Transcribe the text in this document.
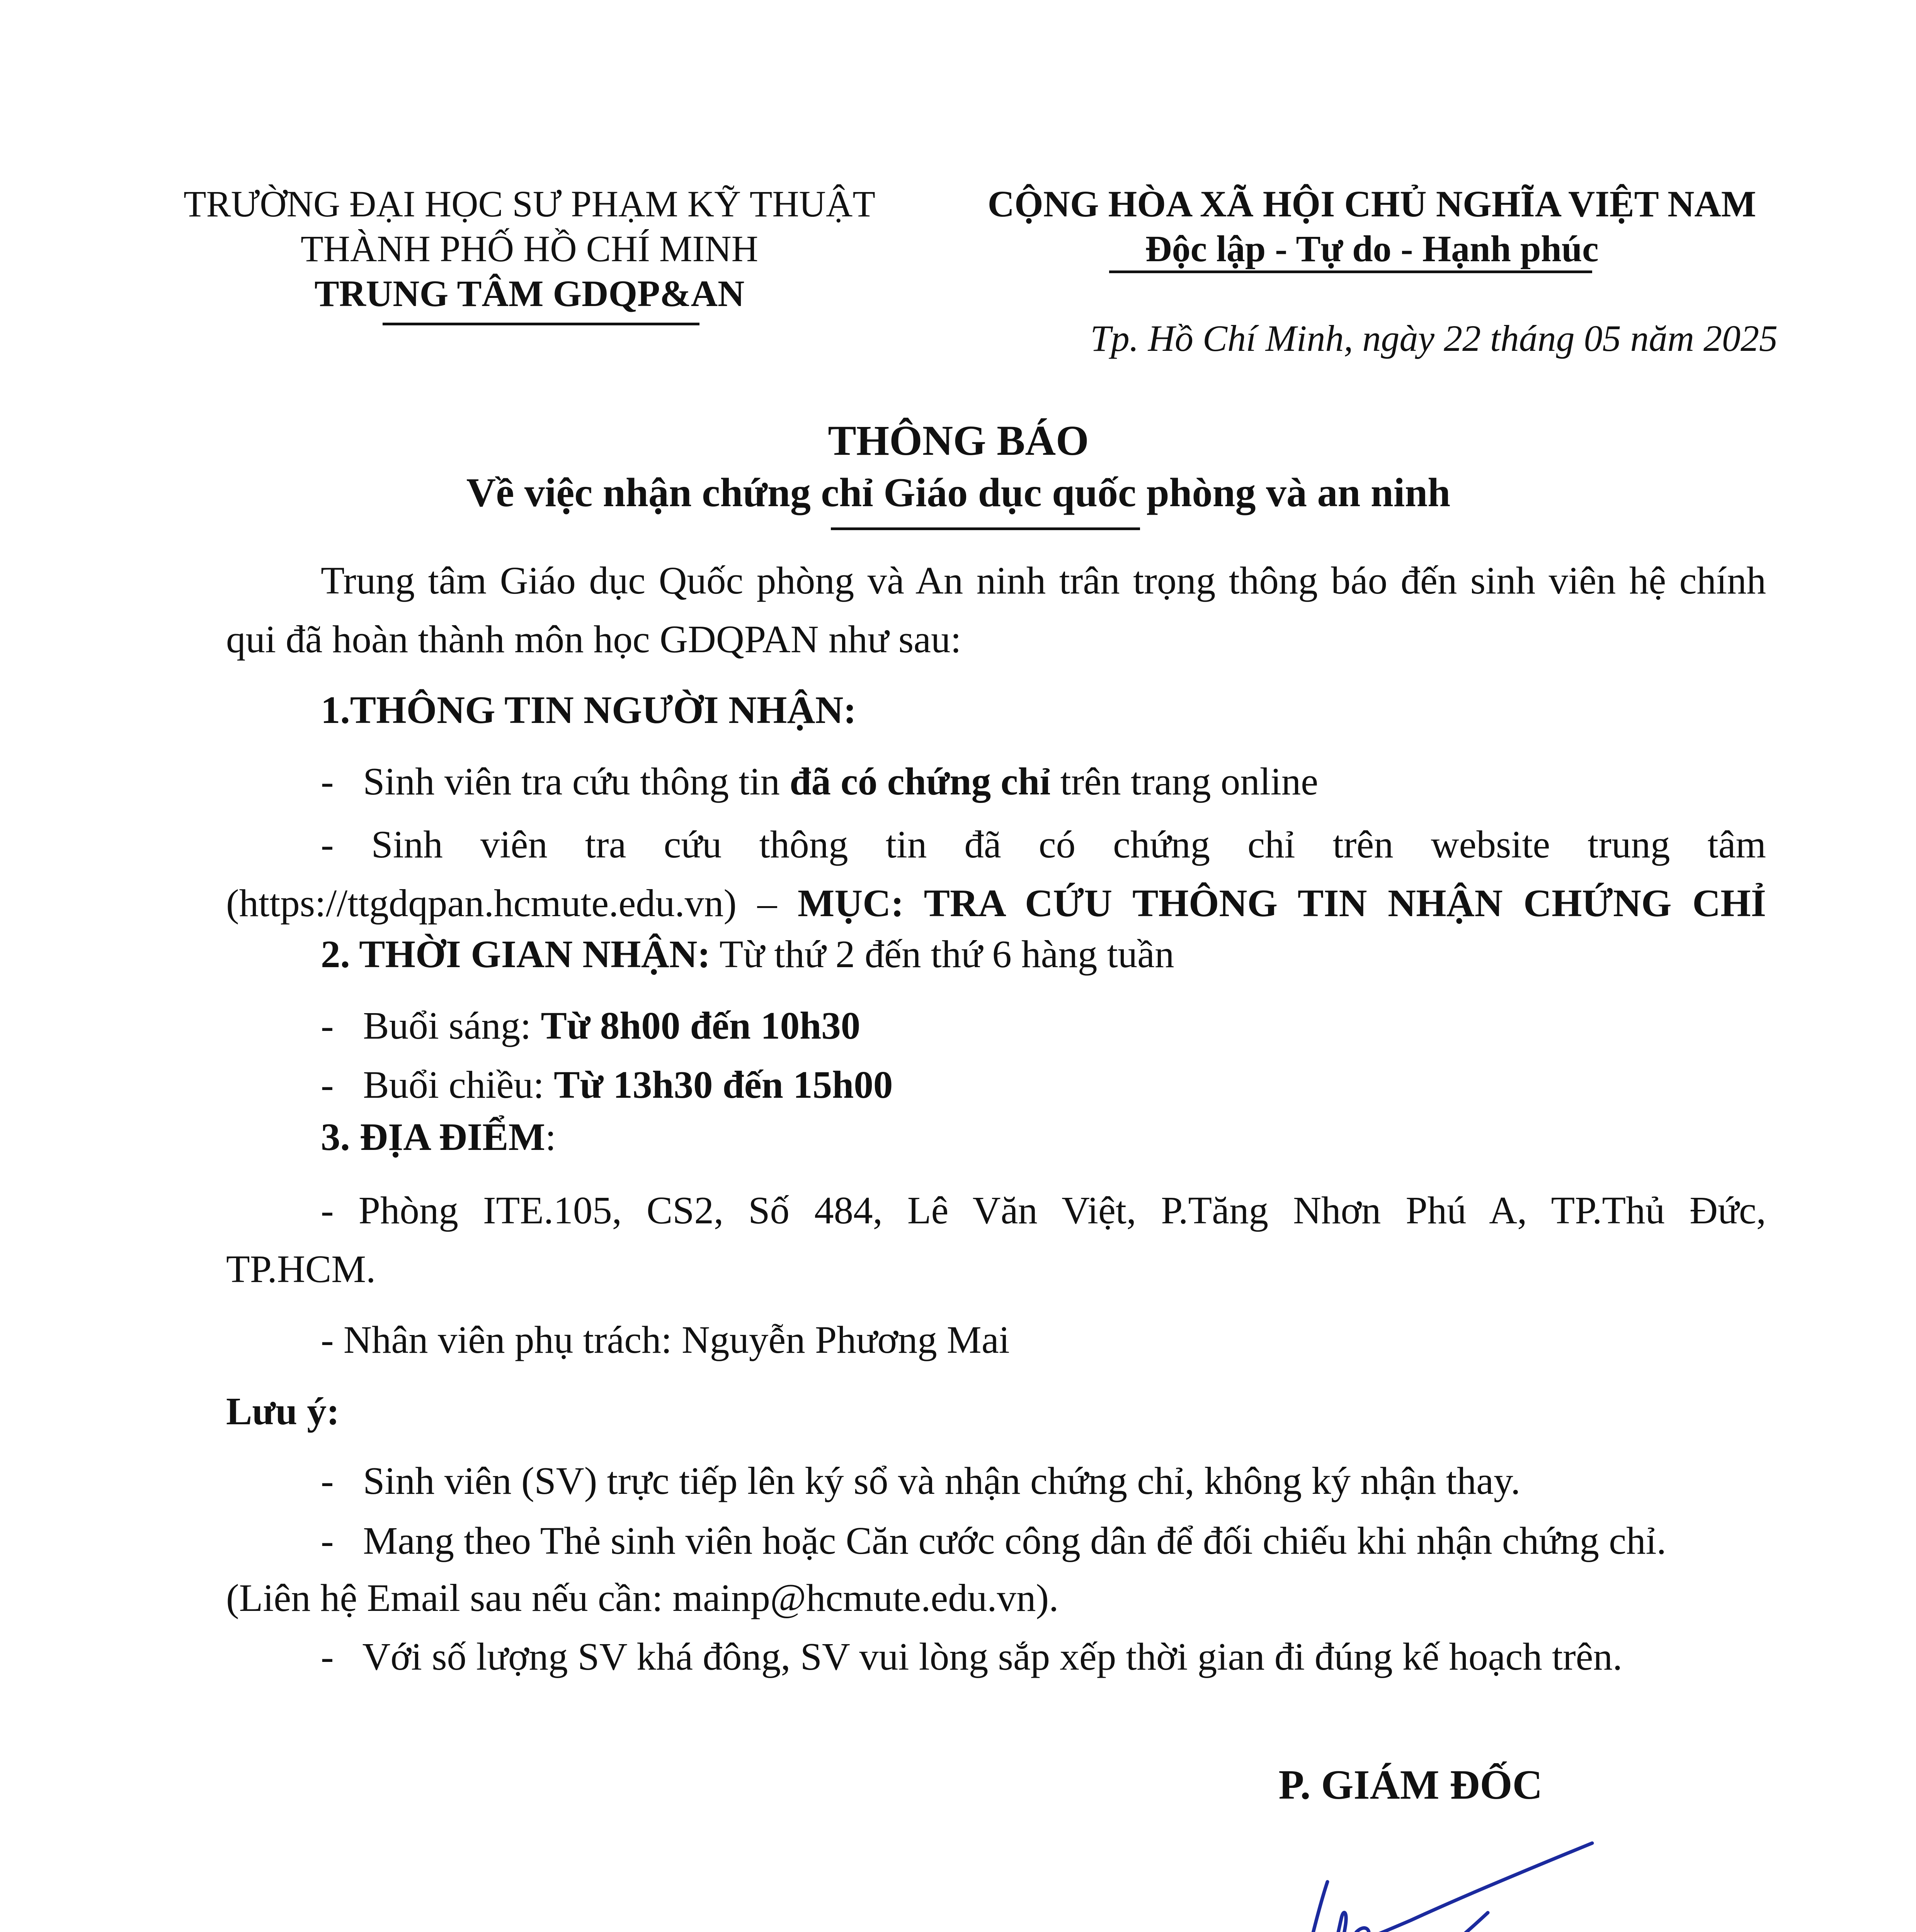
TRƯỜNG ĐẠI HỌC SƯ PHẠM KỸ THUẬT
THÀNH PHỐ HỒ CHÍ MINH
TRUNG TÂM GDQP&AN
CỘNG HÒA XÃ HỘI CHỦ NGHĨA VIỆT NAM
Độc lập - Tự do - Hạnh phúc
Tp. Hồ Chí Minh, ngày 22 tháng 05 năm 2025
THÔNG BÁO
Về việc nhận chứng chỉ Giáo dục quốc phòng và an ninh
Trung tâm Giáo dục Quốc phòng và An ninh trân trọng thông báo đến sinh viên hệ chính
qui đã hoàn thành môn học GDQPAN như sau:
1.THÔNG TIN NGƯỜI NHẬN:
-   Sinh viên tra cứu thông tin đã có chứng chỉ trên trang online
- Sinh viên tra cứu thông tin đã có chứng chỉ trên website trung tâm
(https://ttgdqpan.hcmute.edu.vn) – MỤC: TRA CỨU THÔNG TIN NHẬN CHỨNG CHỈ
2. THỜI GIAN NHẬN: Từ thứ 2 đến thứ 6 hàng tuần
-   Buổi sáng: Từ 8h00 đến 10h30
-   Buổi chiều: Từ 13h30 đến 15h00
3. ĐỊA ĐIỂM:
- Phòng ITE.105, CS2, Số 484, Lê Văn Việt, P.Tăng Nhơn Phú A, TP.Thủ Đức,
TP.HCM.
- Nhân viên phụ trách: Nguyễn Phương Mai
Lưu ý:
-   Sinh viên (SV) trực tiếp lên ký sổ và nhận chứng chỉ, không ký nhận thay.
-   Mang theo Thẻ sinh viên hoặc Căn cước công dân để đối chiếu khi nhận chứng chỉ.
(Liên hệ Email sau nếu cần: mainp@hcmute.edu.vn).
-   Với số lượng SV khá đông, SV vui lòng sắp xếp thời gian đi đúng kế hoạch trên.
P. GIÁM ĐỐC
